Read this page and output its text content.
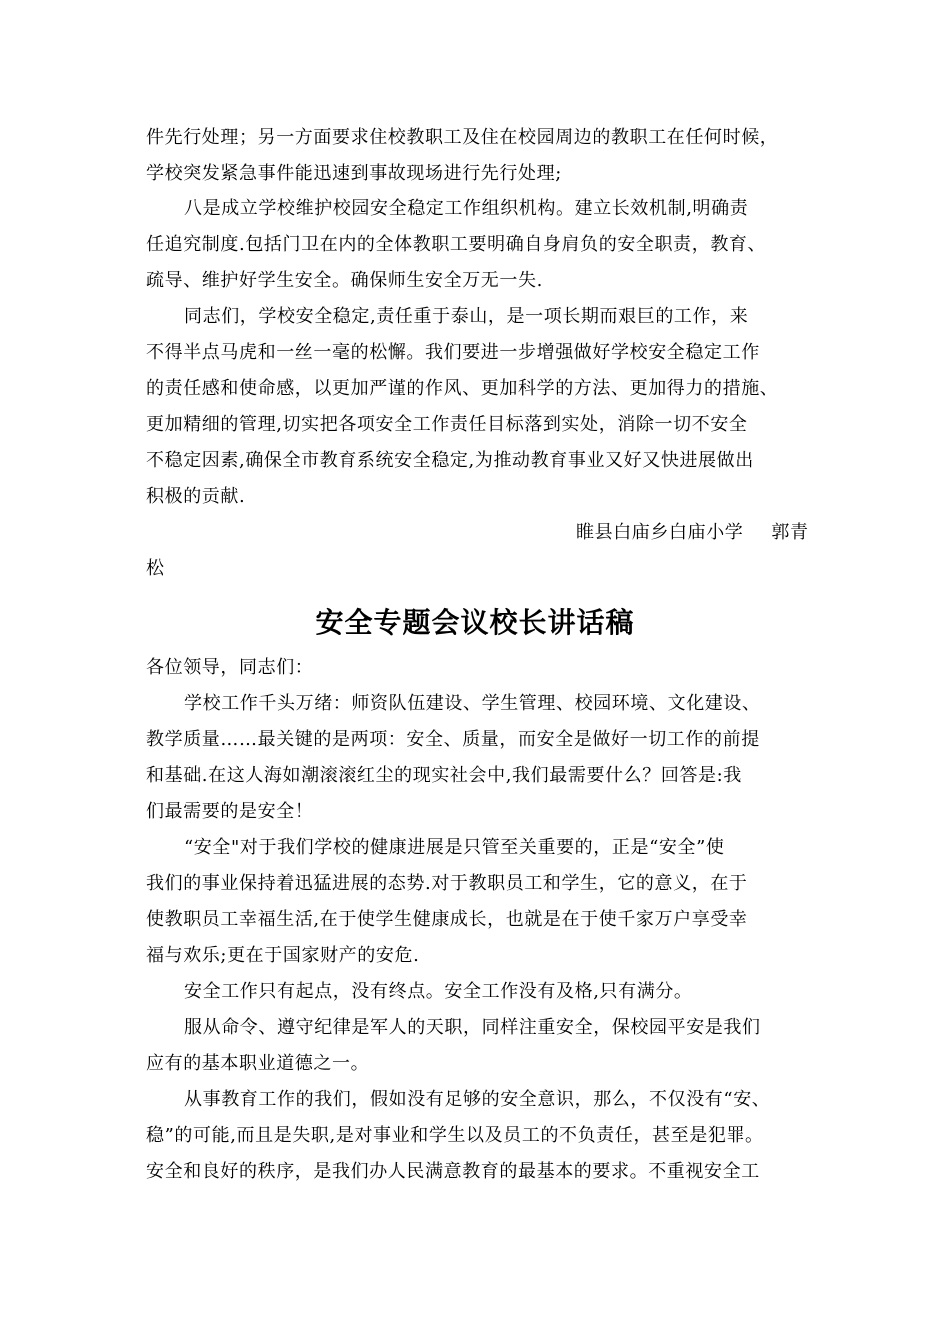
件先行处理；另一方面要求住校教职工及住在校园周边的教职工在任何时候，
学校突发紧急事件能迅速到事故现场进行先行处理;
八是成立学校维护校园安全稳定工作组织机构。建立长效机制,明确责
任追究制度.包括门卫在内的全体教职工要明确自身肩负的安全职责，教育、
疏导、维护好学生安全。确保师生安全万无一失.
同志们，学校安全稳定,责任重于泰山，是一项长期而艰巨的工作，来
不得半点马虎和一丝一毫的松懈。我们要进一步增强做好学校安全稳定工作
的责任感和使命感，以更加严谨的作风、更加科学的方法、更加得力的措施、
更加精细的管理,切实把各项安全工作责任目标落到实处，消除一切不安全
不稳定因素,确保全市教育系统安全稳定,为推动教育事业又好又快进展做出
积极的贡献.
睢县白庙乡白庙小学 郭青
松
安全专题会议校长讲话稿
各位领导，同志们：
学校工作千头万绪：师资队伍建设、学生管理、校园环境、文化建设、
教学质量……最关键的是两项：安全、质量，而安全是做好一切工作的前提
和基础.在这人海如潮滚滚红尘的现实社会中,我们最需要什么？回答是:我
们最需要的是安全！
“安全"对于我们学校的健康进展是只管至关重要的，正是“安全”使
我们的事业保持着迅猛进展的态势.对于教职员工和学生，它的意义，在于
使教职员工幸福生活,在于使学生健康成长，也就是在于使千家万户享受幸
福与欢乐;更在于国家财产的安危.
安全工作只有起点，没有终点。安全工作没有及格,只有满分。
服从命令、遵守纪律是军人的天职，同样注重安全，保校园平安是我们
应有的基本职业道德之一。
从事教育工作的我们，假如没有足够的安全意识，那么，不仅没有“安、
稳”的可能,而且是失职,是对事业和学生以及员工的不负责任，甚至是犯罪。
安全和良好的秩序，是我们办人民满意教育的最基本的要求。不重视安全工
